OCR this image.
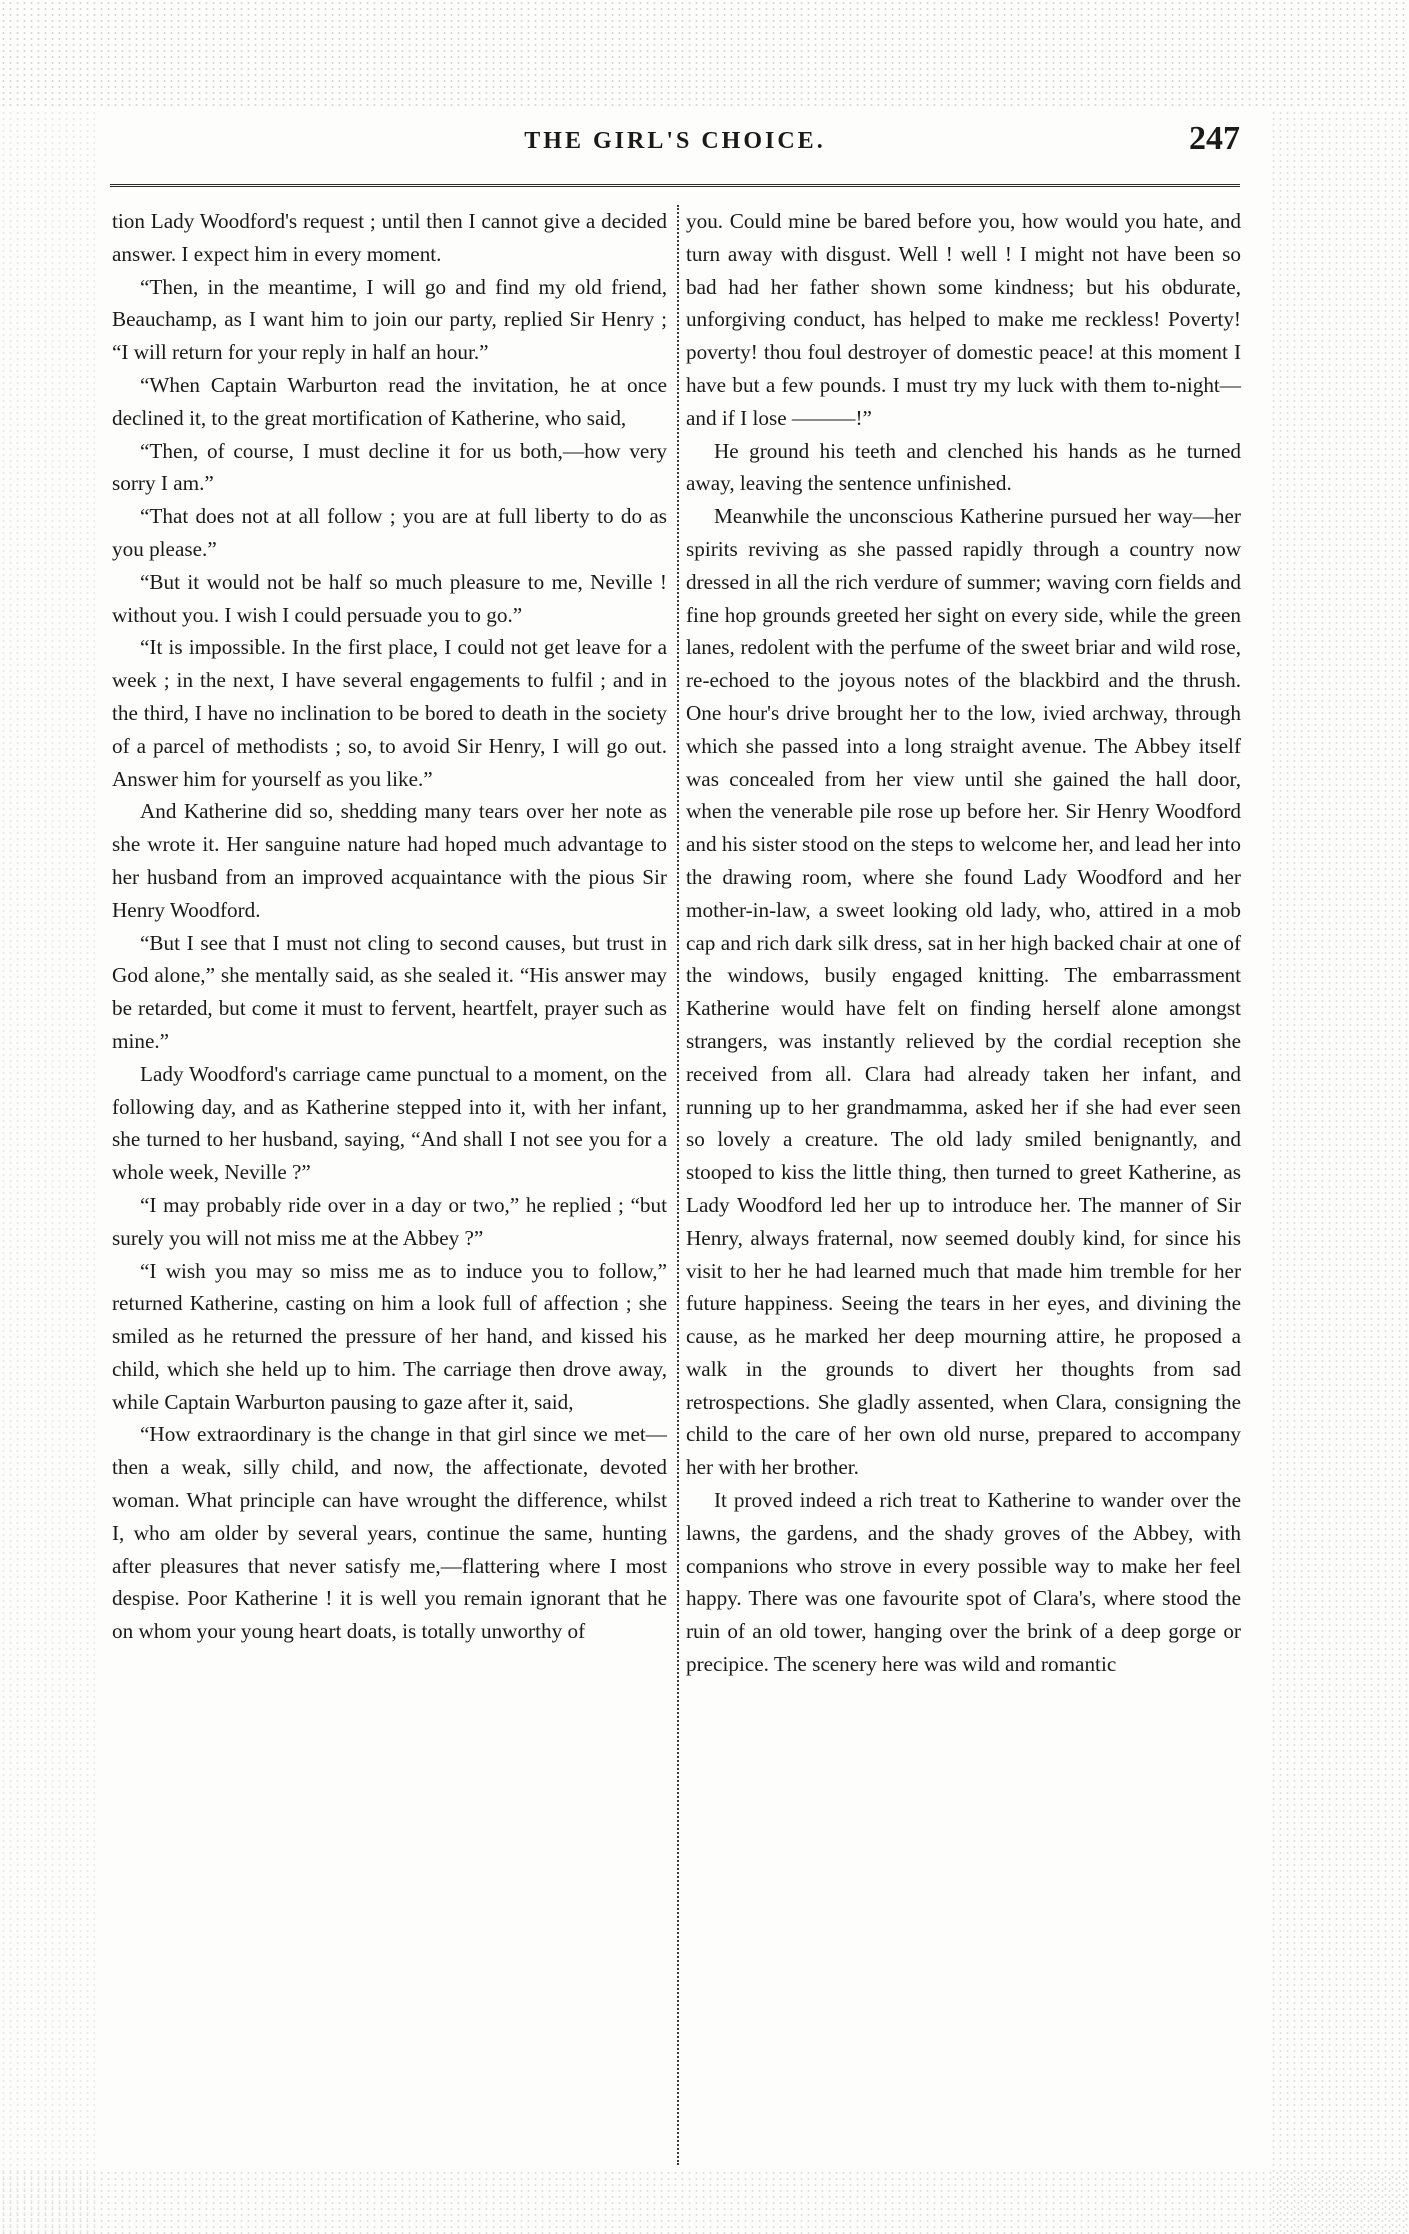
THE GIRL'S CHOICE.	247

tion Lady Woodford's request ; until then I cannot give a decided answer. I expect him in every moment.

“Then, in the meantime, I will go and find my old friend, Beauchamp, as I want him to join our party, replied Sir Henry ; “I will return for your reply in half an hour.”

“When Captain Warburton read the invitation, he at once declined it, to the great mortification of Katherine, who said,

“Then, of course, I must decline it for us both,—how very sorry I am.”

“That does not at all follow ; you are at full liberty to do as you please.”

“But it would not be half so much pleasure to me, Neville ! without you. I wish I could persuade you to go.”

“It is impossible. In the first place, I could not get leave for a week ; in the next, I have several engagements to fulfil ; and in the third, I have no inclination to be bored to death in the society of a parcel of methodists ; so, to avoid Sir Henry, I will go out. Answer him for yourself as you like.”

And Katherine did so, shedding many tears over her note as she wrote it. Her sanguine nature had hoped much advantage to her husband from an improved acquaintance with the pious Sir Henry Woodford.

“But I see that I must not cling to second causes, but trust in God alone,” she mentally said, as she sealed it. “His answer may be retarded, but come it must to fervent, heartfelt, prayer such as mine.”

Lady Woodford's carriage came punctual to a moment, on the following day, and as Katherine stepped into it, with her infant, she turned to her husband, saying, “And shall I not see you for a whole week, Neville ?”

“I may probably ride over in a day or two,” he replied ; “but surely you will not miss me at the Abbey ?”

“I wish you may so miss me as to induce you to follow,” returned Katherine, casting on him a look full of affection ; she smiled as he returned the pressure of her hand, and kissed his child, which she held up to him. The carriage then drove away, while Captain Warburton pausing to gaze after it, said,

“How extraordinary is the change in that girl since we met—then a weak, silly child, and now, the affectionate, devoted woman. What principle can have wrought the difference, whilst I, who am older by several years, continue the same, hunting after pleasures that never satisfy me,—flattering where I most despise. Poor Katherine ! it is well you remain ignorant that he on whom your young heart doats, is totally unworthy of

you. Could mine be bared before you, how would you hate, and turn away with disgust. Well ! well ! I might not have been so bad had her father shown some kindness; but his obdurate, unforgiving conduct, has helped to make me reckless! Poverty! poverty! thou foul destroyer of domestic peace! at this moment I have but a few pounds. I must try my luck with them to-night—and if I lose ———!”

He ground his teeth and clenched his hands as he turned away, leaving the sentence unfinished.

Meanwhile the unconscious Katherine pursued her way—her spirits reviving as she passed rapidly through a country now dressed in all the rich verdure of summer; waving corn fields and fine hop grounds greeted her sight on every side, while the green lanes, redolent with the perfume of the sweet briar and wild rose, re-echoed to the joyous notes of the blackbird and the thrush. One hour's drive brought her to the low, ivied archway, through which she passed into a long straight avenue. The Abbey itself was concealed from her view until she gained the hall door, when the venerable pile rose up before her. Sir Henry Woodford and his sister stood on the steps to welcome her, and lead her into the drawing room, where she found Lady Woodford and her mother-in-law, a sweet looking old lady, who, attired in a mob cap and rich dark silk dress, sat in her high backed chair at one of the windows, busily engaged knitting. The embarrassment Katherine would have felt on finding herself alone amongst strangers, was instantly relieved by the cordial reception she received from all. Clara had already taken her infant, and running up to her grandmamma, asked her if she had ever seen so lovely a creature. The old lady smiled benignantly, and stooped to kiss the little thing, then turned to greet Katherine, as Lady Woodford led her up to introduce her. The manner of Sir Henry, always fraternal, now seemed doubly kind, for since his visit to her he had learned much that made him tremble for her future happiness. Seeing the tears in her eyes, and divining the cause, as he marked her deep mourning attire, he proposed a walk in the grounds to divert her thoughts from sad retrospections. She gladly assented, when Clara, consigning the child to the care of her own old nurse, prepared to accompany her with her brother.

It proved indeed a rich treat to Katherine to wander over the lawns, the gardens, and the shady groves of the Abbey, with companions who strove in every possible way to make her feel happy. There was one favourite spot of Clara's, where stood the ruin of an old tower, hanging over the brink of a deep gorge or precipice. The scenery here was wild and romantic
